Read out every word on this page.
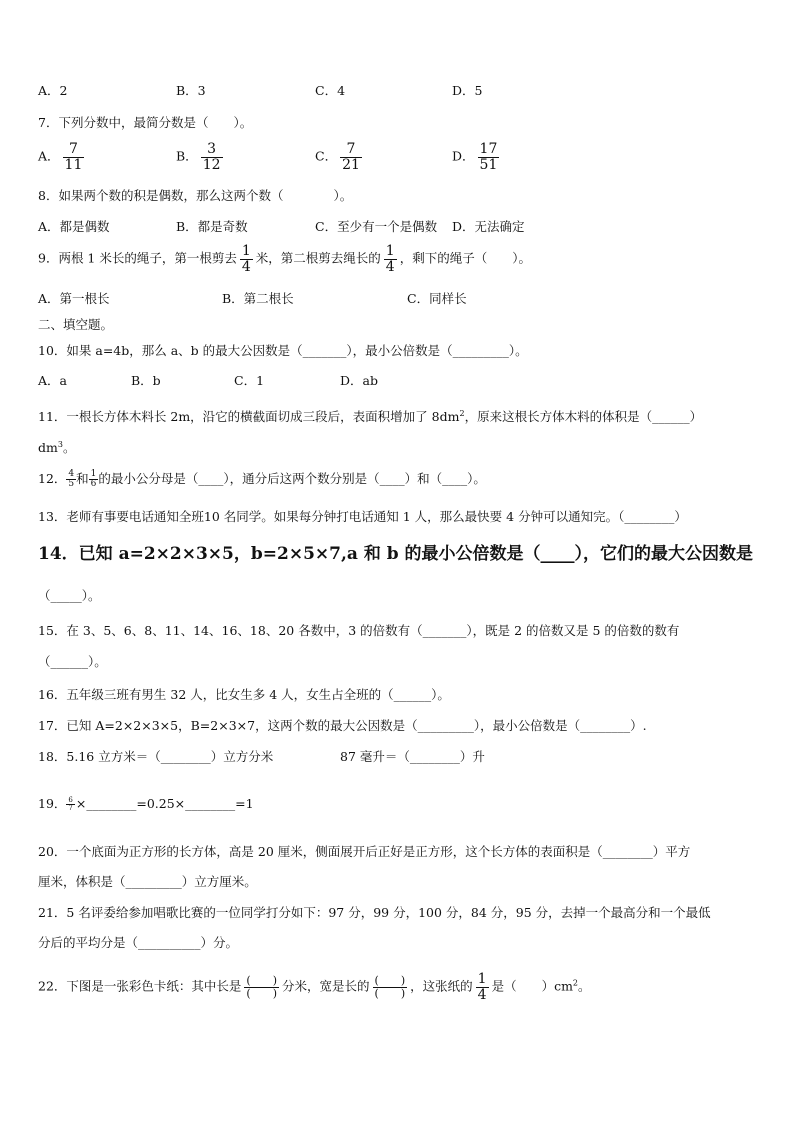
A．2	B．3	C．4	D．5
7．下列分数中，最简分数是（　　）。
A． $\frac{7}{11}$	B． $\frac{3}{12}$	C． $\frac{7}{21}$	D． $\frac{17}{51}$
8．如果两个数的积是偶数，那么这两个数（　　　　）。
A．都是偶数	B．都是奇数	C．至少有一个是偶数 D．无法确定
9．两根 1 米长的绳子，第一根剪去 $\frac{1}{4}$ 米，第二根剪去绳长的 $\frac{1}{4}$ ，剩下的绳子（　　）。
A．第一根长	B．第二根长	C．同样长
二、填空题。
10．如果 a=4b，那么 a、b 的最大公因数是（_______），最小公倍数是（_________）。
A．a	B．b	C．1	D．ab
11．一根长方体木料长 2m，沿它的横截面切成三段后，表面积增加了 $8dm^2$，原来这根长方体木料的体积是（______）
$dm^3$。
12． $\frac{4}{5}$ 和 $\frac{1}{6}$ 的最小公分母是（____），通分后这两个数分别是（____）和（____）。
13．老师有事要电话通知全班10 名同学。如果每分钟打电话通知 1 人，那么最快要 4 分钟可以通知完。（________）
14．已知 a=2×2×3×5，b=2×5×7,a 和 b 的最小公倍数是（____），它们的最大公因数是
（_____）。
15．在 3、5、6、8、11、14、16、18、20 各数中，3 的倍数有（_______），既是 2 的倍数又是 5 的倍数的数有
（______）。
16．五年级三班有男生 32 人，比女生多 4 人，女生占全班的（______）。
17．已知 A=2×2×3×5，B=2×3×7，这两个数的最大公因数是（_________），最小公倍数是（________）.
18．5.16 立方米＝（________）立方分米	87 毫升＝（________）升
19． $\frac{6}{7}$ ×________=0.25×________=1
20．一个底面为正方形的长方体，高是 20 厘米，侧面展开后正好是正方形，这个长方体的表面积是（________）平方
厘米，体积是（_________）立方厘米。
21．5 名评委给参加唱歌比赛的一位同学打分如下：97 分，99 分，100 分，84 分，95 分，去掉一个最高分和一个最低
分后的平均分是（__________）分。
22．下图是一张彩色卡纸：其中长是 $\frac{( )}{( )}$ 分米，宽是长的 $\frac{( )}{( )}$ ，这张纸的 $\frac{1}{4}$ 是（　　）$cm^2$。
